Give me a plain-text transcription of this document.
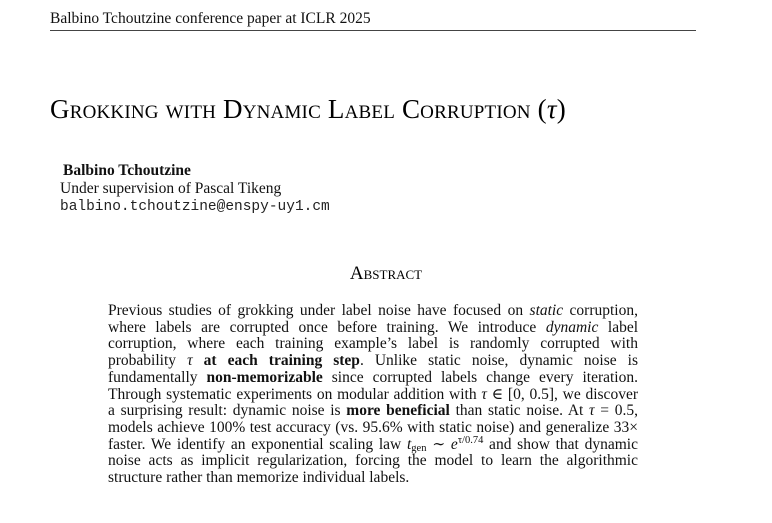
Balbino Tchoutzine conference paper at ICLR 2025
Grokking with Dynamic Label Corruption (τ)
Balbino Tchoutzine
Under supervision of Pascal Tikeng
balbino.tchoutzine@enspy-uy1.cm
Abstract
Previous studies of grokking under label noise have focused on static corruption, where labels are corrupted once before training. We introduce dynamic label corruption, where each training example’s label is randomly corrupted with probability τ at each training step. Unlike static noise, dynamic noise is fundamentally non-memorizable since corrupted labels change every iteration. Through systematic experiments on modular addition with τ ∈ [0, 0.5], we discover a surprising result: dynamic noise is more beneficial than static noise. At τ = 0.5, models achieve 100% test accuracy (vs. 95.6% with static noise) and generalize 33× faster. We identify an exponential scaling law $t_{gen}$ ∼ $e^{\tau/0.74}$ and show that dynamic noise acts as implicit regularization, forcing the model to learn the algorithmic structure rather than memorize individual labels.
